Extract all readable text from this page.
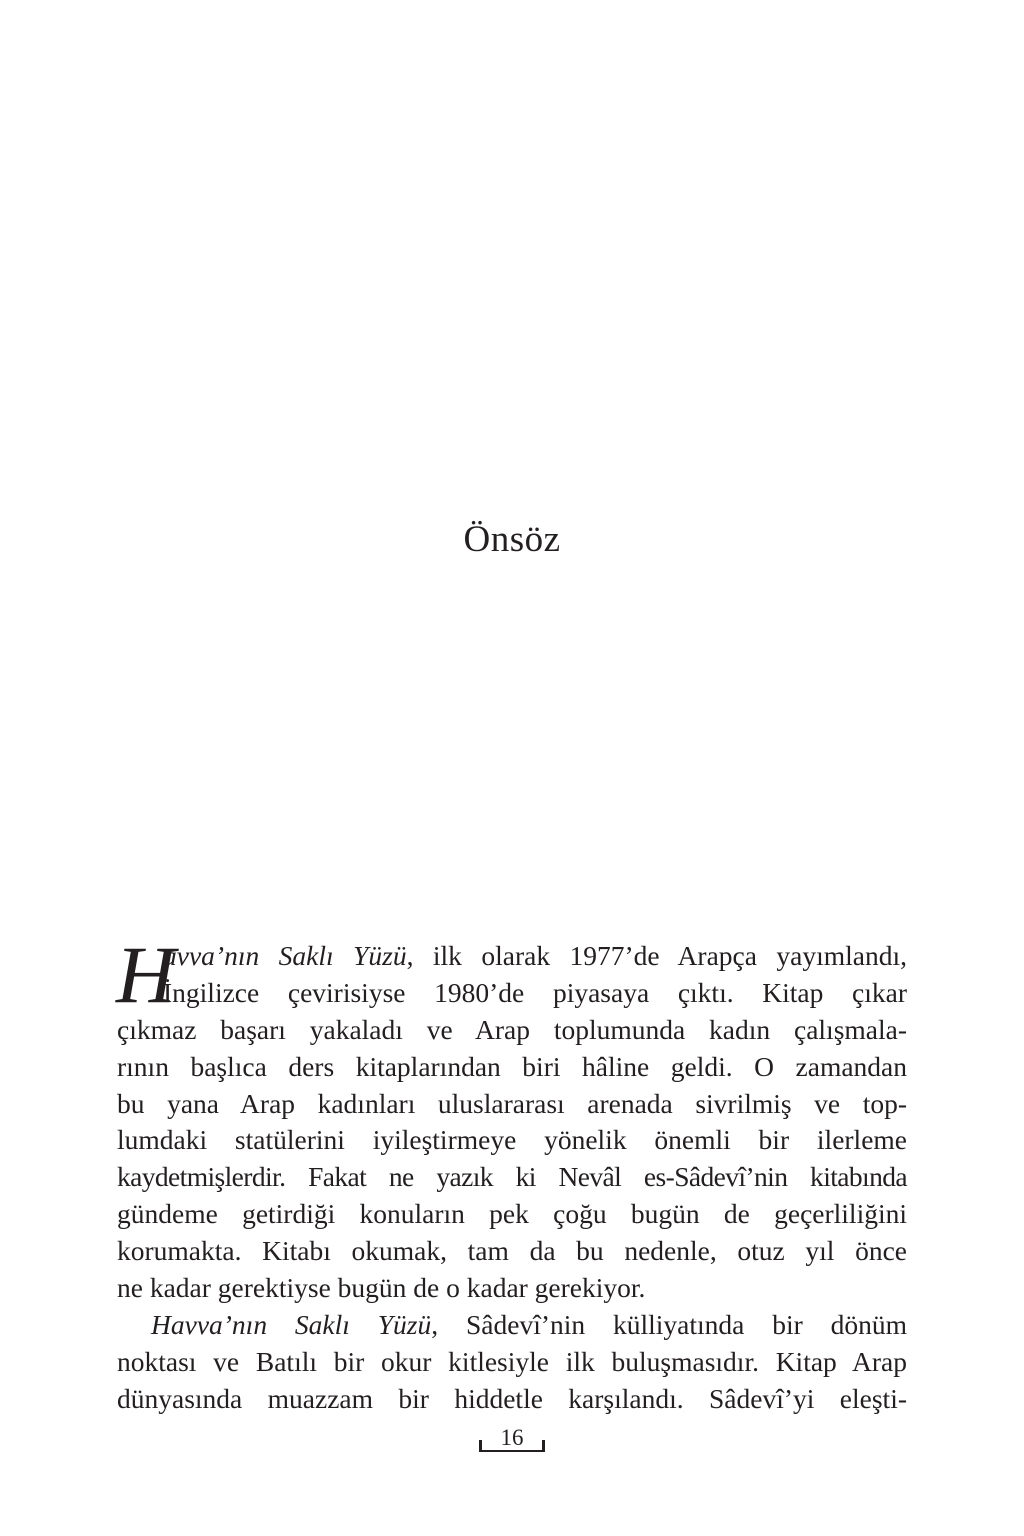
Önsöz
H
avva’nın Saklı Yüzü, ilk olarak 1977’de Arapça yayımlandı,
İngilizce çevirisiyse 1980’de piyasaya çıktı. Kitap çıkar
çıkmaz başarı yakaladı ve Arap toplumunda kadın çalışmala-
rının başlıca ders kitaplarından biri hâline geldi. O zamandan
bu yana Arap kadınları uluslararası arenada sivrilmiş ve top-
lumdaki statülerini iyileştirmeye yönelik önemli bir ilerleme
kaydetmişlerdir. Fakat ne yazık ki Nevâl es-Sâdevî’nin kitabında
gündeme getirdiği konuların pek çoğu bugün de geçerliliğini
korumakta. Kitabı okumak, tam da bu nedenle, otuz yıl önce
ne kadar gerektiyse bugün de o kadar gerekiyor.
Havva’nın Saklı Yüzü, Sâdevî’nin külliyatında bir dönüm
noktası ve Batılı bir okur kitlesiyle ilk buluşmasıdır. Kitap Arap
dünyasında muazzam bir hiddetle karşılandı. Sâdevî’yi eleşti-
16
